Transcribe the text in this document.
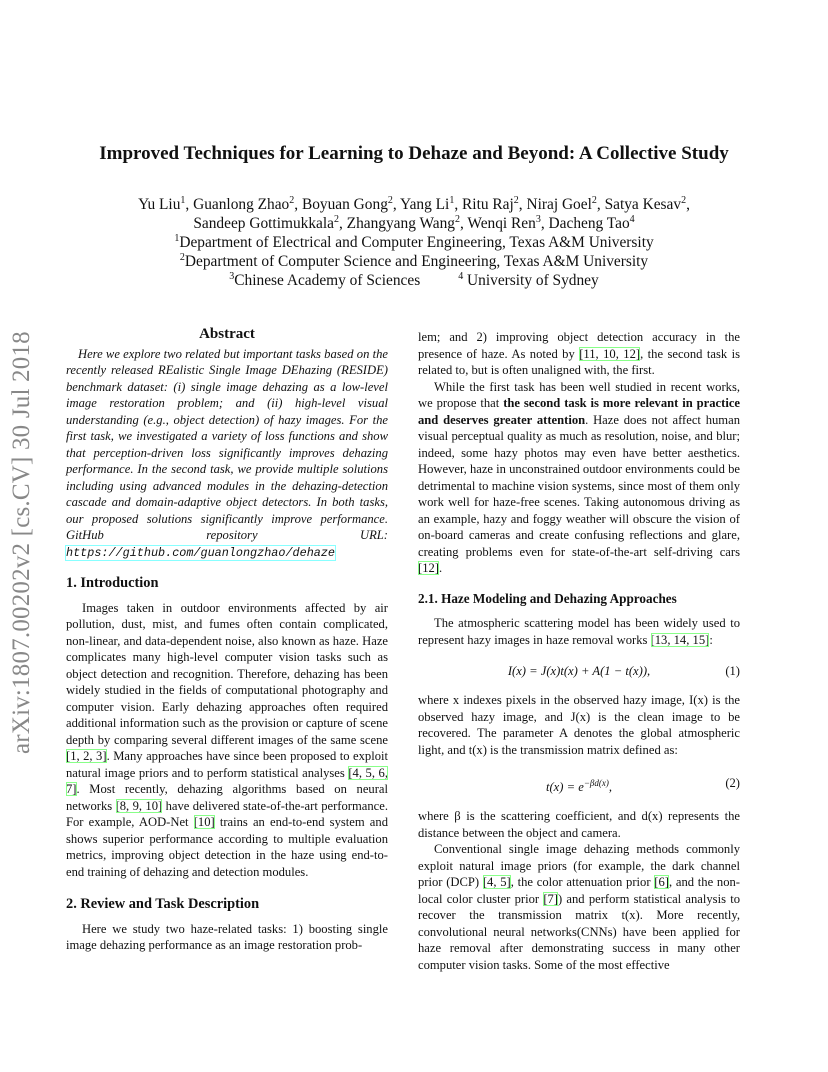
arXiv:1807.00202v2 [cs.CV] 30 Jul 2018
Improved Techniques for Learning to Dehaze and Beyond: A Collective Study
Yu Liu$^1$, Guanlong Zhao$^2$, Boyuan Gong$^2$, Yang Li$^1$, Ritu Raj$^2$, Niraj Goel$^2$, Satya Kesav$^2$,
Sandeep Gottimukkala$^2$, Zhangyang Wang$^2$, Wenqi Ren$^3$, Dacheng Tao$^4$
$^1$Department of Electrical and Computer Engineering, Texas A&M University
$^2$Department of Computer Science and Engineering, Texas A&M University
$^3$Chinese Academy of Sciences	$^4$ University of Sydney
Abstract
Here we explore two related but important tasks based on the recently released REalistic Single Image DEhazing (RESIDE) benchmark dataset: (i) single image dehazing as a low-level image restoration problem; and (ii) high-level visual understanding (e.g., object detection) of hazy images. For the first task, we investigated a variety of loss functions and show that perception-driven loss significantly improves dehazing performance. In the second task, we provide multiple solutions including using advanced modules in the dehazing-detection cascade and domain-adaptive object detectors. In both tasks, our proposed solutions significantly improve performance. GitHub repository URL: https://github.com/guanlongzhao/dehaze
1. Introduction

Images taken in outdoor environments affected by air pollution, dust, mist, and fumes often contain complicated, non-linear, and data-dependent noise, also known as haze. Haze complicates many high-level computer vision tasks such as object detection and recognition. Therefore, dehazing has been widely studied in the fields of computational photography and computer vision. Early dehazing approaches often required additional information such as the provision or capture of scene depth by comparing several different images of the same scene [1, 2, 3]. Many approaches have since been proposed to exploit natural image priors and to perform statistical analyses [4, 5, 6, 7]. Most recently, dehazing algorithms based on neural networks [8, 9, 10] have delivered state-of-the-art performance. For example, AOD-Net [10] trains an end-to-end system and shows superior performance according to multiple evaluation metrics, improving object detection in the haze using end-to-end training of dehazing and detection modules.

2. Review and Task Description

Here we study two haze-related tasks: 1) boosting single image dehazing performance as an image restoration prob-

lem; and 2) improving object detection accuracy in the presence of haze. As noted by [11, 10, 12], the second task is related to, but is often unaligned with, the first.

While the first task has been well studied in recent works, we propose that the second task is more relevant in practice and deserves greater attention. Haze does not affect human visual perceptual quality as much as resolution, noise, and blur; indeed, some hazy photos may even have better aesthetics. However, haze in unconstrained outdoor environments could be detrimental to machine vision systems, since most of them only work well for haze-free scenes. Taking autonomous driving as an example, hazy and foggy weather will obscure the vision of on-board cameras and create confusing reflections and glare, creating problems even for state-of-the-art self-driving cars [12].

2.1. Haze Modeling and Dehazing Approaches

The atmospheric scattering model has been widely used to represent hazy images in haze removal works [13, 14, 15]:

I(x) = J(x)t(x) + A(1 − t(x)),	(1)

where x indexes pixels in the observed hazy image, I(x) is the observed hazy image, and J(x) is the clean image to be recovered. The parameter A denotes the global atmospheric light, and t(x) is the transmission matrix defined as:

$t(x) = e^{-\beta d(x)}$,	(2)

where β is the scattering coefficient, and d(x) represents the distance between the object and camera.

Conventional single image dehazing methods commonly exploit natural image priors (for example, the dark channel prior (DCP) [4, 5], the color attenuation prior [6], and the non-local color cluster prior [7]) and perform statistical analysis to recover the transmission matrix t(x). More recently, convolutional neural networks(CNNs) have been applied for haze removal after demonstrating success in many other computer vision tasks. Some of the most effective
